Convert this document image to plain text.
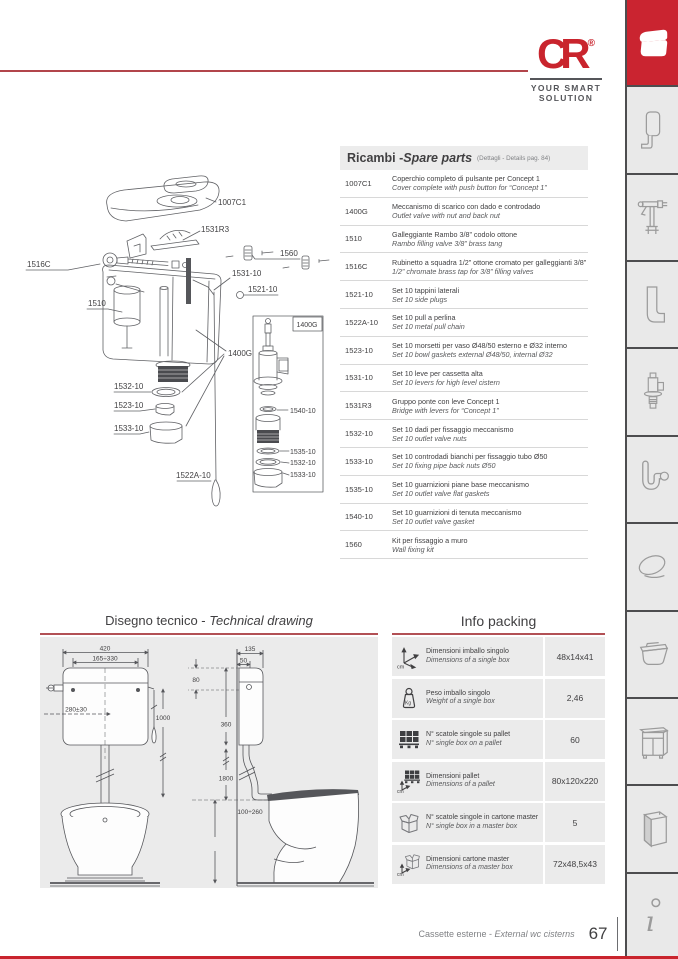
CR ®
YOUR SMART
SOLUTION
ı
1007C1
1531R3
1560
1516C
1531-10
1521-10
1510
1400G
1532-10
1523-10
1533-10
1522A-10
1400G
1540-10
1535-10
1532-10
1533-10
Ricambi - Spare parts (Dettagli - Details pag. 84)
1007C1	Coperchio completo di pulsante per Concept 1
Cover complete with push button for “Concept 1”
1400G	Meccanismo di scarico con dado e controdado
Outlet valve with nut and back nut
1510	Galleggiante Rambo 3/8” codolo ottone
Rambo filling valve 3/8” brass tang
1516C	Rubinetto a squadra 1/2” ottone cromato per galleggianti 3/8”
1/2” chromate brass tap for 3/8” filling valves
1521-10	Set 10 tappini laterali
Set 10 side plugs
1522A-10	Set 10 pull a perlina
Set 10 metal pull chain
1523-10	Set 10 morsetti per vaso Ø48/50 esterno e Ø32 interno
Set 10 bowl gaskets external Ø48/50, internal Ø32
1531-10	Set 10 leve per cassetta alta
Set 10 levers for high level cistern
1531R3	Gruppo ponte con leve Concept 1
Bridge with levers for “Concept 1”
1532-10	Set 10 dadi per fissaggio meccanismo
Set 10 outlet valve nuts
1533-10	Set 10 controdadi bianchi per fissaggio tubo Ø50
Set 10 fixing pipe back nuts Ø50
1535-10	Set 10 guarnizioni piane base meccanismo
Set 10 outlet valve flat gaskets
1540-10	Set 10 guarnizioni di tenuta meccanismo
Set 10 outlet valve gasket
1560	Kit per fissaggio a muro
Wall fixing kit
Disegno tecnico - Technical drawing
420
165÷330
280±30
1000
135
50
80
360
1800
100÷260
Info packing
cm
Dimensioni imballo singolo
Dimensions of a single box	48x14x41
Kg
Peso imballo singolo
Weight of a single box	2,46
N° scatole singole su pallet
N° single box on a pallet	60
cm
Dimensioni pallet
Dimensions of a pallet	80x120x220
N° scatole singole in cartone master
N° single box in a master box	5
cm
Dimensioni cartone master
Dimensions of a master box	72x48,5x43
Cassette esterne - External wc cisterns 67
